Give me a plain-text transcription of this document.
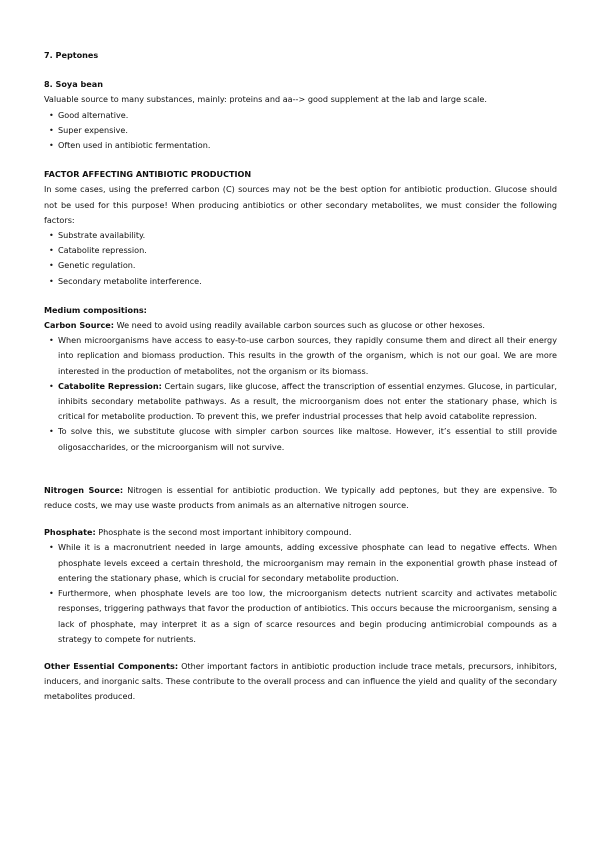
7. Peptones

8. Soya bean

Valuable source to many substances, mainly: proteins and aa--> good supplement at the lab and large scale.

• Good alternative.
• Super expensive.
• Often used in antibiotic fermentation.

FACTOR AFFECTING ANTIBIOTIC PRODUCTION

In some cases, using the preferred carbon (C) sources may not be the best option for antibiotic production. Glucose should not be used for this purpose! When producing antibiotics or other secondary metabolites, we must consider the following factors:

• Substrate availability.
• Catabolite repression.
• Genetic regulation.
• Secondary metabolite interference.

Medium compositions:

Carbon Source: We need to avoid using readily available carbon sources such as glucose or other hexoses.

• When microorganisms have access to easy-to-use carbon sources, they rapidly consume them and direct all their energy into replication and biomass production. This results in the growth of the organism, which is not our goal. We are more interested in the production of metabolites, not the organism or its biomass.
• Catabolite Repression: Certain sugars, like glucose, affect the transcription of essential enzymes. Glucose, in particular, inhibits secondary metabolite pathways. As a result, the microorganism does not enter the stationary phase, which is critical for metabolite production. To prevent this, we prefer industrial processes that help avoid catabolite repression.
• To solve this, we substitute glucose with simpler carbon sources like maltose. However, it’s essential to still provide oligosaccharides, or the microorganism will not survive.

Nitrogen Source: Nitrogen is essential for antibiotic production. We typically add peptones, but they are expensive. To reduce costs, we may use waste products from animals as an alternative nitrogen source.

Phosphate: Phosphate is the second most important inhibitory compound.

• While it is a macronutrient needed in large amounts, adding excessive phosphate can lead to negative effects. When phosphate levels exceed a certain threshold, the microorganism may remain in the exponential growth phase instead of entering the stationary phase, which is crucial for secondary metabolite production.
• Furthermore, when phosphate levels are too low, the microorganism detects nutrient scarcity and activates metabolic responses, triggering pathways that favor the production of antibiotics. This occurs because the microorganism, sensing a lack of phosphate, may interpret it as a sign of scarce resources and begin producing antimicrobial compounds as a strategy to compete for nutrients.

Other Essential Components: Other important factors in antibiotic production include trace metals, precursors, inhibitors, inducers, and inorganic salts. These contribute to the overall process and can influence the yield and quality of the secondary metabolites produced.
